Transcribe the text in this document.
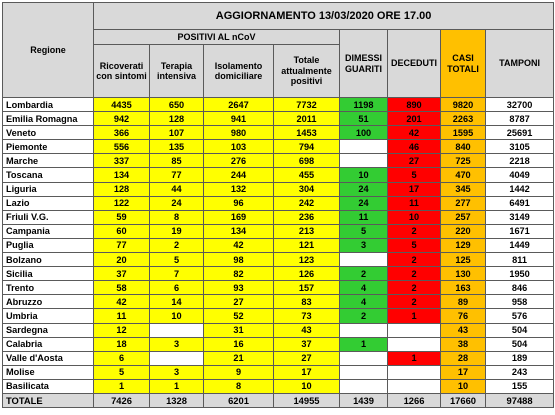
Regione	AGGIORNAMENTO 13/03/2020 ORE 17.00							
	POSITIVI AL nCoV				DIMESSI GUARITI	DECEDUTI	CASI TOTALI	TAMPONI
	Ricoverati con sintomi	Terapia intensiva	Isolamento domiciliare	Totale attualmente positivi				
Lombardia	4435	650	2647	7732	1198	890	9820	32700
Emilia Romagna	942	128	941	2011	51	201	2263	8787
Veneto	366	107	980	1453	100	42	1595	25691
Piemonte	556	135	103	794		46	840	3105
Marche	337	85	276	698		27	725	2218
Toscana	134	77	244	455	10	5	470	4049
Liguria	128	44	132	304	24	17	345	1442
Lazio	122	24	96	242	24	11	277	6491
Friuli V.G.	59	8	169	236	11	10	257	3149
Campania	60	19	134	213	5	2	220	1671
Puglia	77	2	42	121	3	5	129	1449
Bolzano	20	5	98	123		2	125	811
Sicilia	37	7	82	126	2	2	130	1950
Trento	58	6	93	157	4	2	163	846
Abruzzo	42	14	27	83	4	2	89	958
Umbria	11	10	52	73	2	1	76	576
Sardegna	12		31	43			43	504
Calabria	18	3	16	37	1		38	504
Valle d'Aosta	6		21	27		1	28	189
Molise	5	3	9	17			17	243
Basilicata	1	1	8	10			10	155
TOTALE	7426	1328	6201	14955	1439	1266	17660	97488
